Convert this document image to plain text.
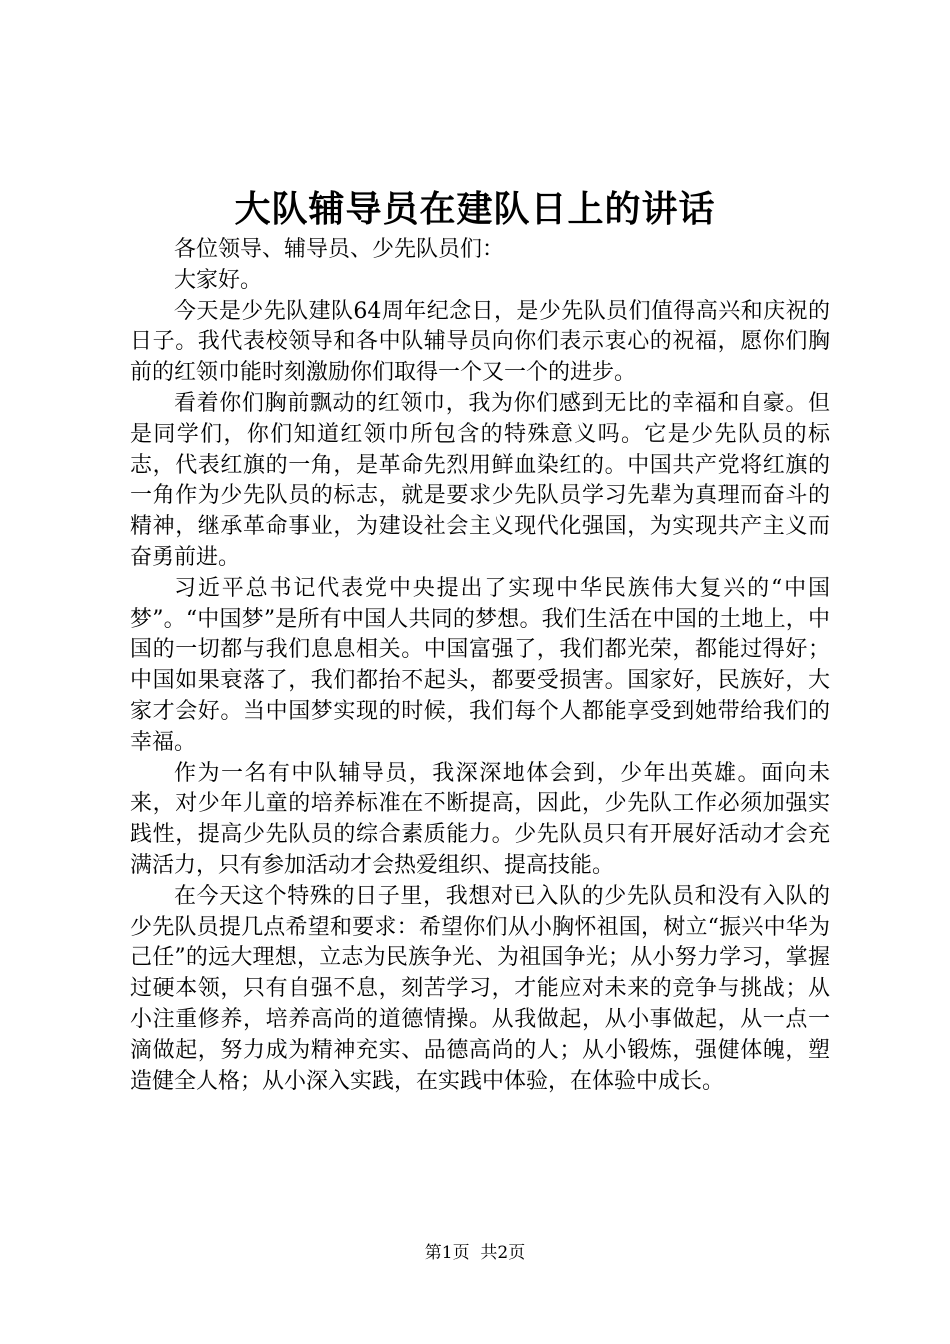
大队辅导员在建队日上的讲话

各位领导、辅导员、少先队员们：

大家好。

今天是少先队建队64周年纪念日，是少先队员们值得高兴和庆祝的日子。我代表校领导和各中队辅导员向你们表示衷心的祝福，愿你们胸前的红领巾能时刻激励你们取得一个又一个的进步。

看着你们胸前飘动的红领巾，我为你们感到无比的幸福和自豪。但是同学们，你们知道红领巾所包含的特殊意义吗。它是少先队员的标志，代表红旗的一角，是革命先烈用鲜血染红的。中国共产党将红旗的一角作为少先队员的标志，就是要求少先队员学习先辈为真理而奋斗的精神，继承革命事业，为建设社会主义现代化强国，为实现共产主义而奋勇前进。

习近平总书记代表党中央提出了实现中华民族伟大复兴的“中国梦”。“中国梦”是所有中国人共同的梦想。我们生活在中国的土地上，中国的一切都与我们息息相关。中国富强了，我们都光荣，都能过得好；中国如果衰落了，我们都抬不起头，都要受损害。国家好，民族好，大家才会好。当中国梦实现的时候，我们每个人都能享受到她带给我们的幸福。

作为一名有中队辅导员，我深深地体会到，少年出英雄。面向未来，对少年儿童的培养标准在不断提高，因此，少先队工作必须加强实践性，提高少先队员的综合素质能力。少先队员只有开展好活动才会充满活力，只有参加活动才会热爱组织、提高技能。

在今天这个特殊的日子里，我想对已入队的少先队员和没有入队的少先队员提几点希望和要求：希望你们从小胸怀祖国，树立“振兴中华为己任”的远大理想，立志为民族争光、为祖国争光；从小努力学习，掌握过硬本领，只有自强不息，刻苦学习，才能应对未来的竞争与挑战；从小注重修养，培养高尚的道德情操。从我做起，从小事做起，从一点一滴做起，努力成为精神充实、品德高尚的人；从小锻炼，强健体魄，塑造健全人格；从小深入实践，在实践中体验，在体验中成长。

第1页  共2页
